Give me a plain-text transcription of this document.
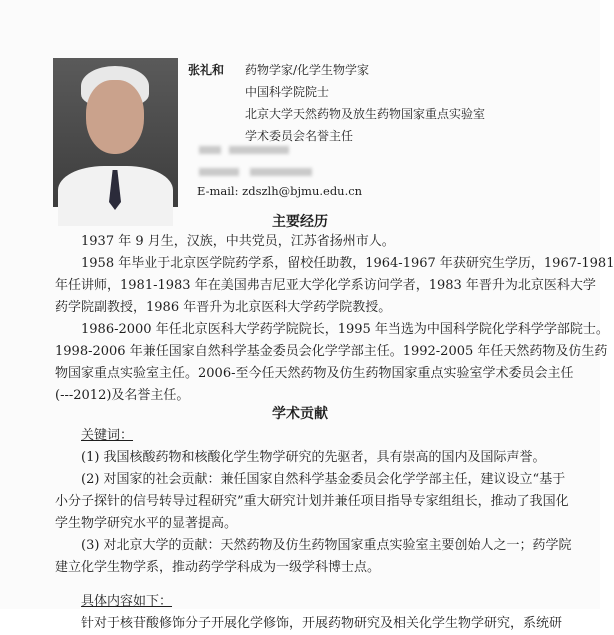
张礼和 药物学家/化学生物学家
中国科学院院士
北京大学天然药物及放生药物国家重点实验室
学术委员会名誉主任
E-mail: zdszlh@bjmu.edu.cn
主要经历
1937 年 9 月生，汉族，中共党员，江苏省扬州市人。
1958 年毕业于北京医学院药学系，留校任助教，1964-1967 年获研究生学历，1967-1981
年任讲师，1981-1983 年在美国弗吉尼亚大学化学系访问学者，1983 年晋升为北京医科大学
药学院副教授，1986 年晋升为北京医科大学药学院教授。
1986-2000 年任北京医科大学药学院院长，1995 年当选为中国科学院化学科学学部院士。
1998-2006 年兼任国家自然科学基金委员会化学学部主任。1992-2005 年任天然药物及仿生药
物国家重点实验室主任。2006-至今任天然药物及仿生药物国家重点实验室学术委员会主任
(---2012)及名誉主任。
学术贡献
关键词：
(1) 我国核酸药物和核酸化学生物学研究的先驱者，具有崇高的国内及国际声誉。
(2) 对国家的社会贡献：兼任国家自然科学基金委员会化学学部主任，建议设立“基于
小分子探针的信号转导过程研究”重大研究计划并兼任项目指导专家组组长，推动了我国化
学生物学研究水平的显著提高。
(3) 对北京大学的贡献：天然药物及仿生药物国家重点实验室主要创始人之一；药学院
建立化学生物学系，推动药学学科成为一级学科博士点。
具体内容如下：
针对于核苷酸修饰分子开展化学修饰，开展药物研究及相关化学生物学研究，系统研
